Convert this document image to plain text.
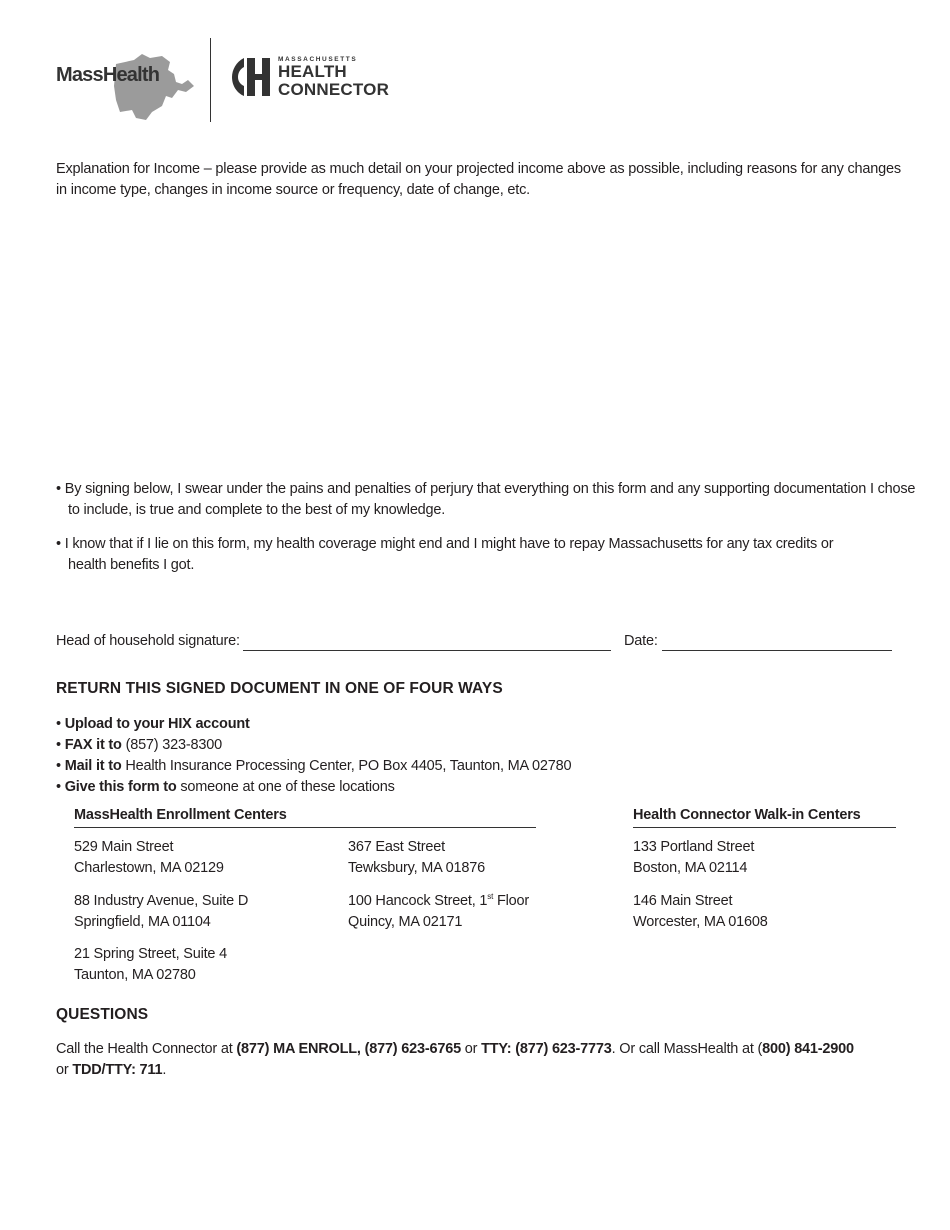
MassHealth
MASSACHUSETTS
HEALTH
CONNECTOR
Explanation for Income – please provide as much detail on your projected income above as possible, including reasons for any changes in income type, changes in income source or frequency, date of change, etc.
• By signing below, I swear under the pains and penalties of perjury that everything on this form and any supporting documentation I chose
to include, is true and complete to the best of my knowledge.
• I know that if I lie on this form, my health coverage might end and I might have to repay Massachusetts for any tax credits or
health benefits I got.
Head of household signature:	Date:
RETURN THIS SIGNED DOCUMENT IN ONE OF FOUR WAYS
• Upload to your HIX account
• FAX it to (857) 323-8300
• Mail it to Health Insurance Processing Center, PO Box 4405, Taunton, MA 02780
• Give this form to someone at one of these locations
MassHealth Enrollment Centers	Health Connector Walk-in Centers
529 Main Street
Charlestown, MA 02129
88 Industry Avenue, Suite D
Springfield, MA 01104
21 Spring Street, Suite 4
Taunton, MA 02780
367 East Street
Tewksbury, MA 01876
100 Hancock Street, 1st Floor
Quincy, MA 02171
133 Portland Street
Boston, MA 02114
146 Main Street
Worcester, MA 01608
QUESTIONS
Call the Health Connector at (877) MA ENROLL, (877) 623-6765 or TTY: (877) 623-7773. Or call MassHealth at (800) 841-2900
or TDD/TTY: 711.
